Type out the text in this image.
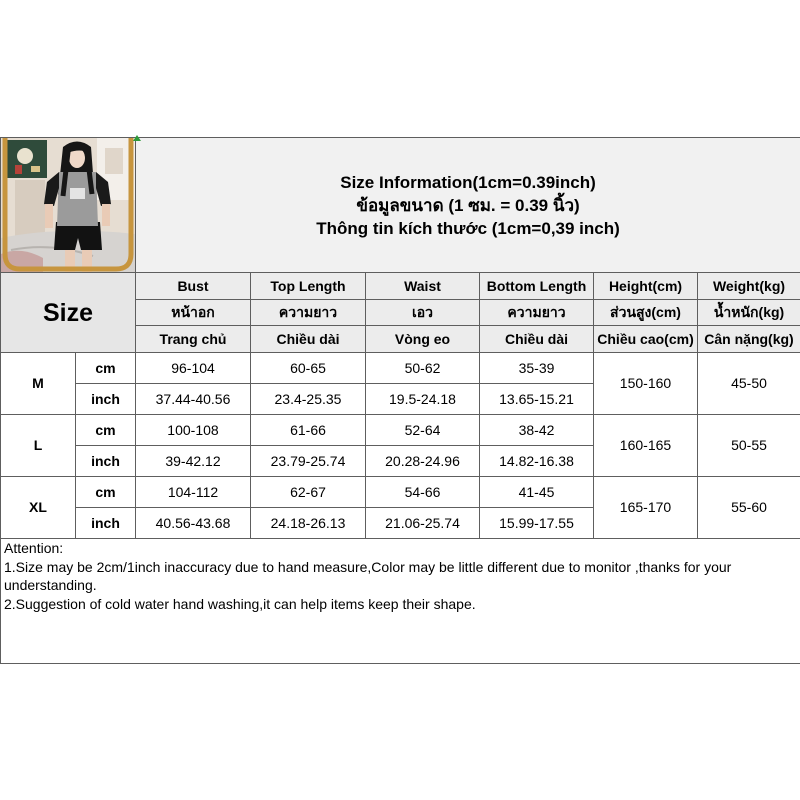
Size Information(1cm=0.39inch)
ข้อมูลขนาด (1 ซม. = 0.39 นิ้ว)
Thông tin kích thước (1cm=0,39 inch)					

Size		Bust	Top Length	Waist	Bottom Length	Height(cm)	Weight(kg)
		หน้าอก	ความยาว	เอว	ความยาว	ส่วนสูง(cm)	น้ำหนัก(kg)
		Trang chủ	Chiều dài	Vòng eo	Chiều dài	Chiều cao(cm)	Cân nặng(kg)
M	cm	96-104	60-65	50-62	35-39	150-160	45-50
	inch	37.44-40.56	23.4-25.35	19.5-24.18	13.65-15.21		
L	cm	100-108	61-66	52-64	38-42	160-165	50-55
	inch	39-42.12	23.79-25.74	20.28-24.96	14.82-16.38		
XL	cm	104-112	62-67	54-66	41-45	165-170	55-60
	inch	40.56-43.68	24.18-26.13	21.06-25.74	15.99-17.55		

Attention:
1.Size may be 2cm/1inch inaccuracy due to hand measure,Color may be little different due to monitor ,thanks for your understanding.
2.Suggestion of cold water hand washing,it can help items keep their shape.							
